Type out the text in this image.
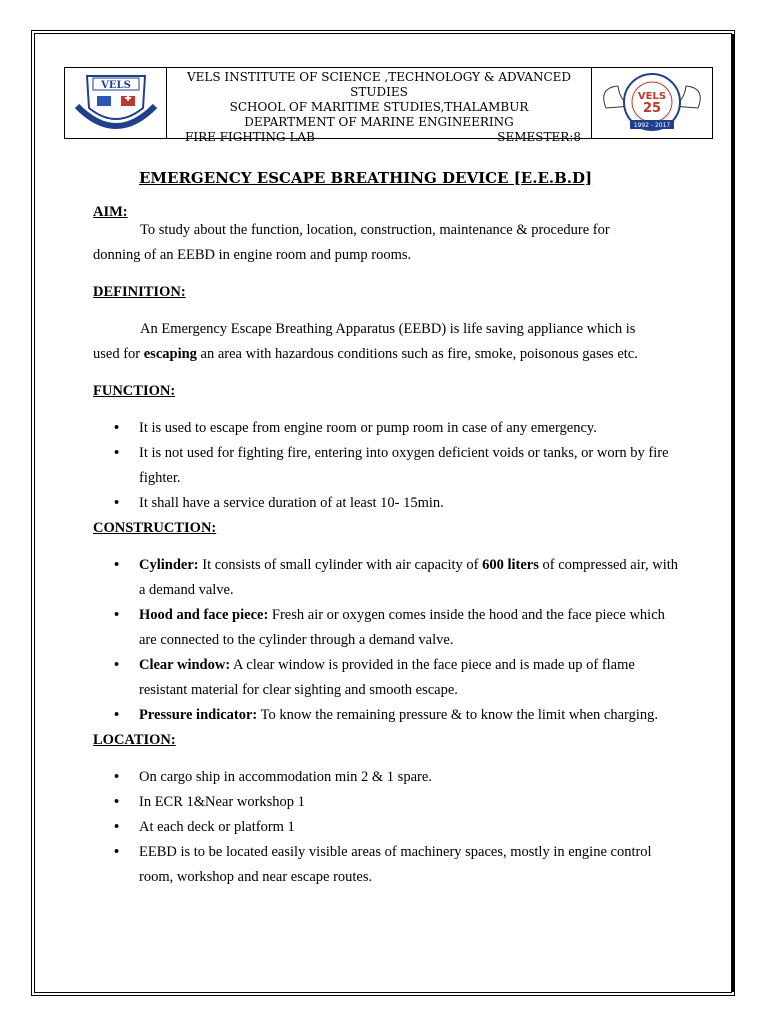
VELS
VELS INSTITUTE OF SCIENCE ,TECHNOLOGY & ADVANCED STUDIES
SCHOOL OF MARITIME STUDIES,THALAMBUR
DEPARTMENT OF MARINE ENGINEERING
FIRE FIGHTING LAB	SEMESTER:8
VELS
25
1992 - 2017
EMERGENCY ESCAPE BREATHING DEVICE [E.E.B.D]
AIM:

To study about the function, location, construction, maintenance & procedure for

donning of an EEBD in engine room and pump rooms.

DEFINITION:

An Emergency Escape Breathing Apparatus (EEBD) is life saving appliance which is

used for escaping an area with hazardous conditions such as fire, smoke, poisonous gases etc.

FUNCTION:
• It is used to escape from engine room or pump room in case of any emergency.
• It is not used for fighting fire, entering into oxygen deficient voids or tanks, or worn by fire fighter.
• It shall have a service duration of at least 10- 15min.
CONSTRUCTION:
• Cylinder: It consists of small cylinder with air capacity of 600 liters of compressed air, with a demand valve.
• Hood and face piece: Fresh air or oxygen comes inside the hood and the face piece which are connected to the cylinder through a demand valve.
• Clear window: A clear window is provided in the face piece and is made up of flame resistant material for clear sighting and smooth escape.
• Pressure indicator: To know the remaining pressure & to know the limit when charging.
LOCATION:
• On cargo ship in accommodation min 2 & 1 spare.
• In ECR 1&Near workshop 1
• At each deck or platform 1
• EEBD is to be located easily visible areas of machinery spaces, mostly in engine control room, workshop and near escape routes.
